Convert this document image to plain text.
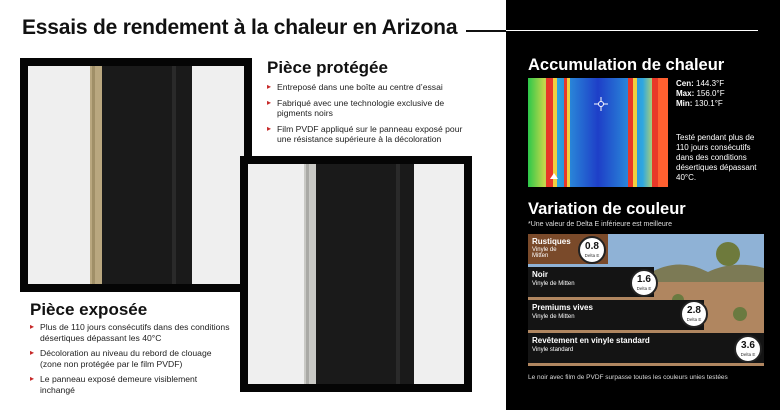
Essais de rendement à la chaleur en Arizona
Pièce protégée
▸ Entreposé dans une boîte au centre d’essai
▸ Fabriqué avec une technologie exclusive de pigments noirs
▸ Film PVDF appliqué sur le panneau exposé pour une résistance supérieure à la décoloration
Pièce exposée
▸ Plus de 110 jours consécutifs dans des conditions désertiques dépassant les 40°C
▸ Décoloration au niveau du rebord de clouage (zone non protégée par le film PVDF)
▸ Le panneau exposé demeure visiblement inchangé
Accumulation de chaleur
Cen: 144.3°F
Max: 156.0°F
Min: 130.1°F
Testé pendant plus de 110 jours consécutifs dans des conditions désertiques dépassant 40°C.
Variation de couleur
*Une valeur de Delta E inférieure est meilleure
Rustiques
Vinyle de
Mitten
0.8
Delta E
Noir
Vinyle de Mitten	1.6
Delta E
Premiums vives
Vinyle de Mitten
2.8
Delta E
Revêtement en vinyle standard
Vinyle standard	3.6
Delta E
Le noir avec film de PVDF surpasse toutes les couleurs unies testées
